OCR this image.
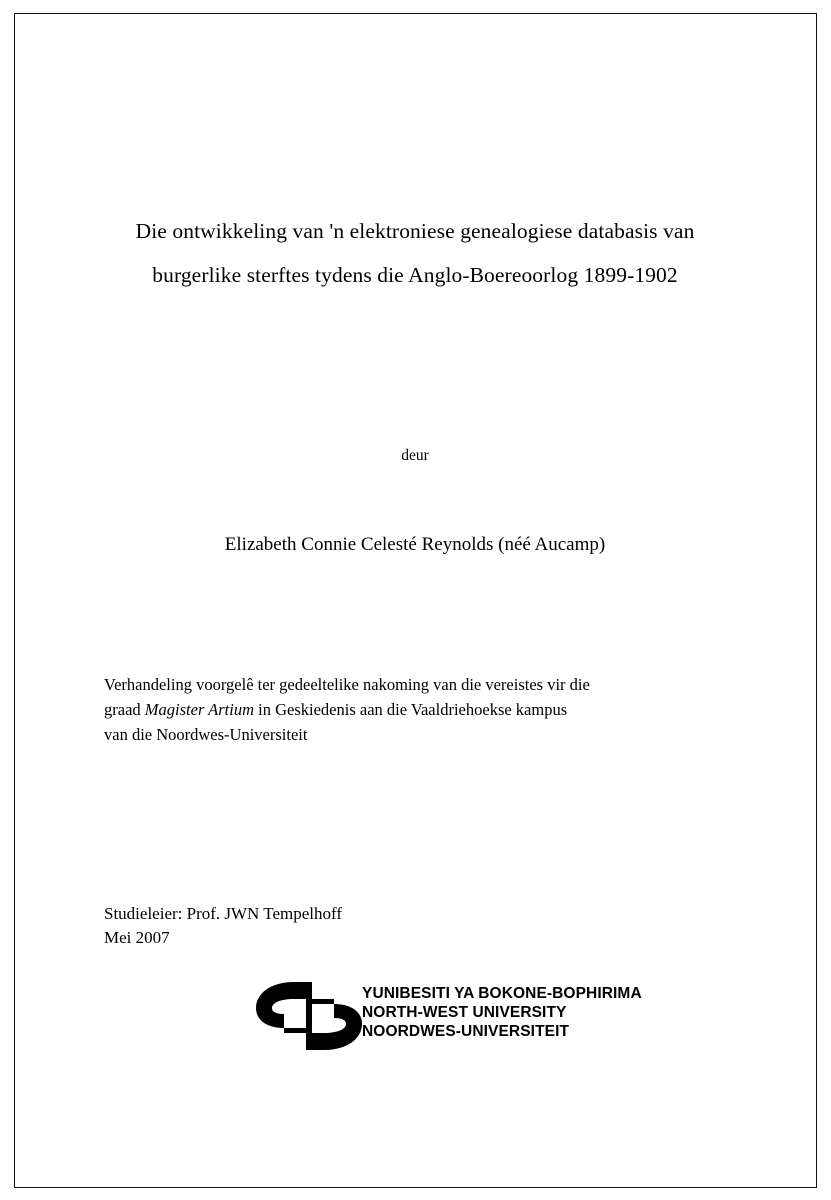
Die ontwikkeling van 'n elektroniese genealogiese databasis van
burgerlike sterftes tydens die Anglo-Boereoorlog 1899-1902
deur
Elizabeth Connie Celesté Reynolds (néé Aucamp)

Verhandeling voorgelê ter gedeeltelike nakoming van die vereistes vir die

graad Magister Artium in Geskiedenis aan die Vaaldriehoekse kampus

van die Noordwes-Universiteit

Studieleier: Prof. JWN Tempelhoff
Mei 2007
YUNIBESITI YA BOKONE-BOPHIRIMA
NORTH-WEST UNIVERSITY
NOORDWES-UNIVERSITEIT
